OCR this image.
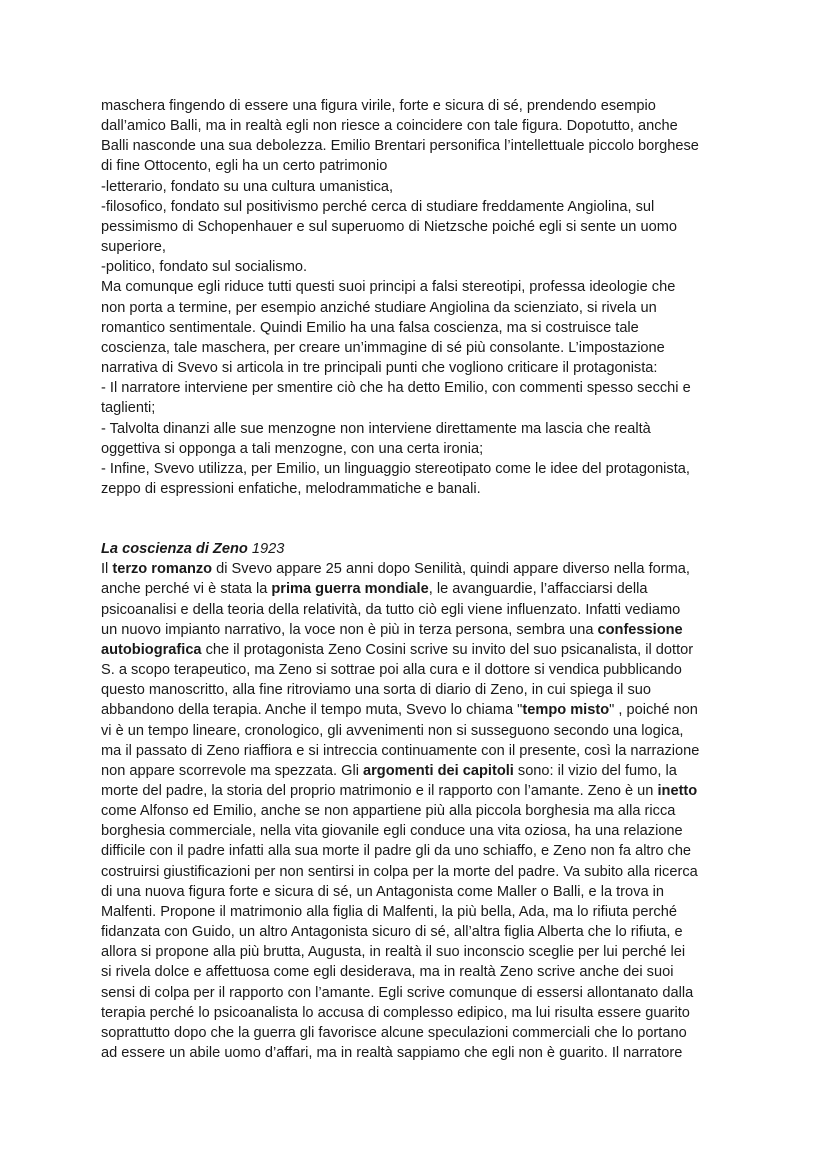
maschera fingendo di essere una figura virile, forte e sicura di sé, prendendo esempio

dall’amico Balli, ma in realtà egli non riesce a coincidere con tale figura. Dopotutto, anche

Balli nasconde una sua debolezza. Emilio Brentari personifica l’intellettuale piccolo borghese

di fine Ottocento, egli ha un certo patrimonio

-letterario, fondato su una cultura umanistica,

-filosofico, fondato sul positivismo perché cerca di studiare freddamente Angiolina, sul

pessimismo di Schopenhauer e sul superuomo di Nietzsche poiché egli si sente un uomo

superiore,

-politico, fondato sul socialismo.

Ma comunque egli riduce tutti questi suoi principi a falsi stereotipi, professa ideologie che

non porta a termine, per esempio anziché studiare Angiolina da scienziato, si rivela un

romantico sentimentale. Quindi Emilio ha una falsa coscienza, ma si costruisce tale

coscienza, tale maschera, per creare un’immagine di sé più consolante. L’impostazione

narrativa di Svevo si articola in tre principali punti che vogliono criticare il protagonista:

- Il narratore interviene per smentire ciò che ha detto Emilio, con commenti spesso secchi e

taglienti;

- Talvolta dinanzi alle sue menzogne non interviene direttamente ma lascia che realtà

oggettiva si opponga a tali menzogne, con una certa ironia;

- Infine, Svevo utilizza, per Emilio, un linguaggio stereotipato come le idee del protagonista,

zeppo di espressioni enfatiche, melodrammatiche e banali.

La coscienza di Zeno 1923

Il terzo romanzo di Svevo appare 25 anni dopo Senilità, quindi appare diverso nella forma,

anche perché vi è stata la prima guerra mondiale, le avanguardie, l’affacciarsi della

psicoanalisi e della teoria della relatività, da tutto ciò egli viene influenzato. Infatti vediamo

un nuovo impianto narrativo, la voce non è più in terza persona, sembra una confessione

autobiografica che il protagonista Zeno Cosini scrive su invito del suo psicanalista, il dottor

S. a scopo terapeutico, ma Zeno si sottrae poi alla cura e il dottore si vendica pubblicando

questo manoscritto, alla fine ritroviamo una sorta di diario di Zeno, in cui spiega il suo

abbandono della terapia. Anche il tempo muta, Svevo lo chiama "tempo misto" , poiché non

vi è un tempo lineare, cronologico, gli avvenimenti non si susseguono secondo una logica,

ma il passato di Zeno riaffiora e si intreccia continuamente con il presente, così la narrazione

non appare scorrevole ma spezzata. Gli argomenti dei capitoli sono: il vizio del fumo, la

morte del padre, la storia del proprio matrimonio e il rapporto con l’amante. Zeno è un inetto

come Alfonso ed Emilio, anche se non appartiene più alla piccola borghesia ma alla ricca

borghesia commerciale, nella vita giovanile egli conduce una vita oziosa, ha una relazione

difficile con il padre infatti alla sua morte il padre gli da uno schiaffo, e Zeno non fa altro che

costruirsi giustificazioni per non sentirsi in colpa per la morte del padre. Va subito alla ricerca

di una nuova figura forte e sicura di sé, un Antagonista come Maller o Balli, e la trova in

Malfenti. Propone il matrimonio alla figlia di Malfenti, la più bella, Ada, ma lo rifiuta perché

fidanzata con Guido, un altro Antagonista sicuro di sé, all’altra figlia Alberta che lo rifiuta, e

allora si propone alla più brutta, Augusta, in realtà il suo inconscio sceglie per lui perché lei

si rivela dolce e affettuosa come egli desiderava, ma in realtà Zeno scrive anche dei suoi

sensi di colpa per il rapporto con l’amante. Egli scrive comunque di essersi allontanato dalla

terapia perché lo psicoanalista lo accusa di complesso edipico, ma lui risulta essere guarito

soprattutto dopo che la guerra gli favorisce alcune speculazioni commerciali che lo portano

ad essere un abile uomo d’affari, ma in realtà sappiamo che egli non è guarito. Il narratore
